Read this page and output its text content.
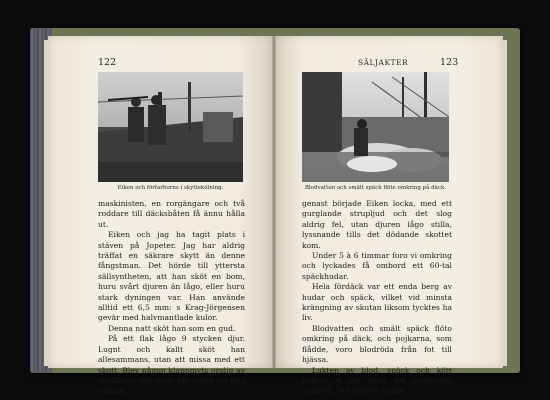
122	SÄLJAKTER	123
Eiken och förfarhorns i skyttekölning.	Blodvatten och smält späck flöte omkring på däck.

maskinisten, en rorgängare och två roddare till däcksbåten få ännu hålla ut.

Eiken och jag ha tagit plats i stäven på Jopeter. Jag har aldrig träffat en säkrare skytt än denne fångstman. Det hörde till yttersta sällsyntheten, att han sköt en bom, huru svårt djuren än lågo, eller huru stark dyningen var. Han använde alltid ett 6,5 mm: s Krag-Jörgensen gevär med halvmantlade kulor.

Denna natt sköt han som en gud.

På ett flak lågo 9 stycken djur. Lugnt och kallt sköt han allesammans, utan att missa med ett skott. Blev någon klappmyts orolig av smällarna och hade för avsikt att gå i vattnet,

genast började Eiken locka, med ett gurglande strupljud och det slog aldrig fel, utan djuren lågo stilla, lyssnande tills det dödande skottet kom.

Under 5 à 6 timmar foro vi omkring och lyckades få ombord ett 60-tal späckhudar.

Hela fördäck var ett enda berg av hudar och späck, vilket vid minsta krängning av skutan liksom tycktes ha liv.

Blodvatten och smält späck flöto omkring på däck, och pojkarna, som flådde, voro blodröda från fot till hjässa.

Lukten av blod, späck och kött bidrog ej att göra det angenämt ombord. Det behövs också
